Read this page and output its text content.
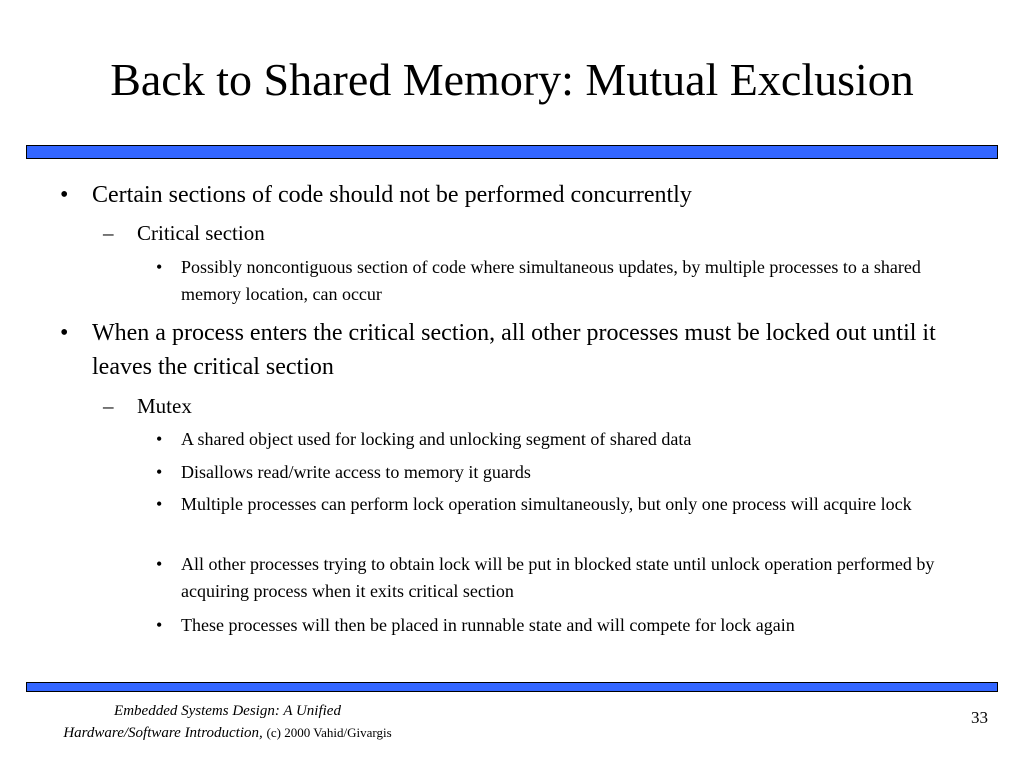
Back to Shared Memory: Mutual Exclusion
• Certain sections of code should not be performed concurrently
– Critical section
• Possibly noncontiguous section of code where simultaneous updates, by multiple processes to a shared memory location, can occur
• When a process enters the critical section, all other processes must be locked out until it leaves the critical section
– Mutex
• A shared object used for locking and unlocking segment of shared data
• Disallows read/write access to memory it guards
• Multiple processes can perform lock operation simultaneously, but only one process will acquire lock
• All other processes trying to obtain lock will be put in blocked state until unlock operation performed by acquiring process when it exits critical section
• These processes will then be placed in runnable state and will compete for lock again
Embedded Systems Design: A Unified
Hardware/Software Introduction, (c) 2000 Vahid/Givargis
33
